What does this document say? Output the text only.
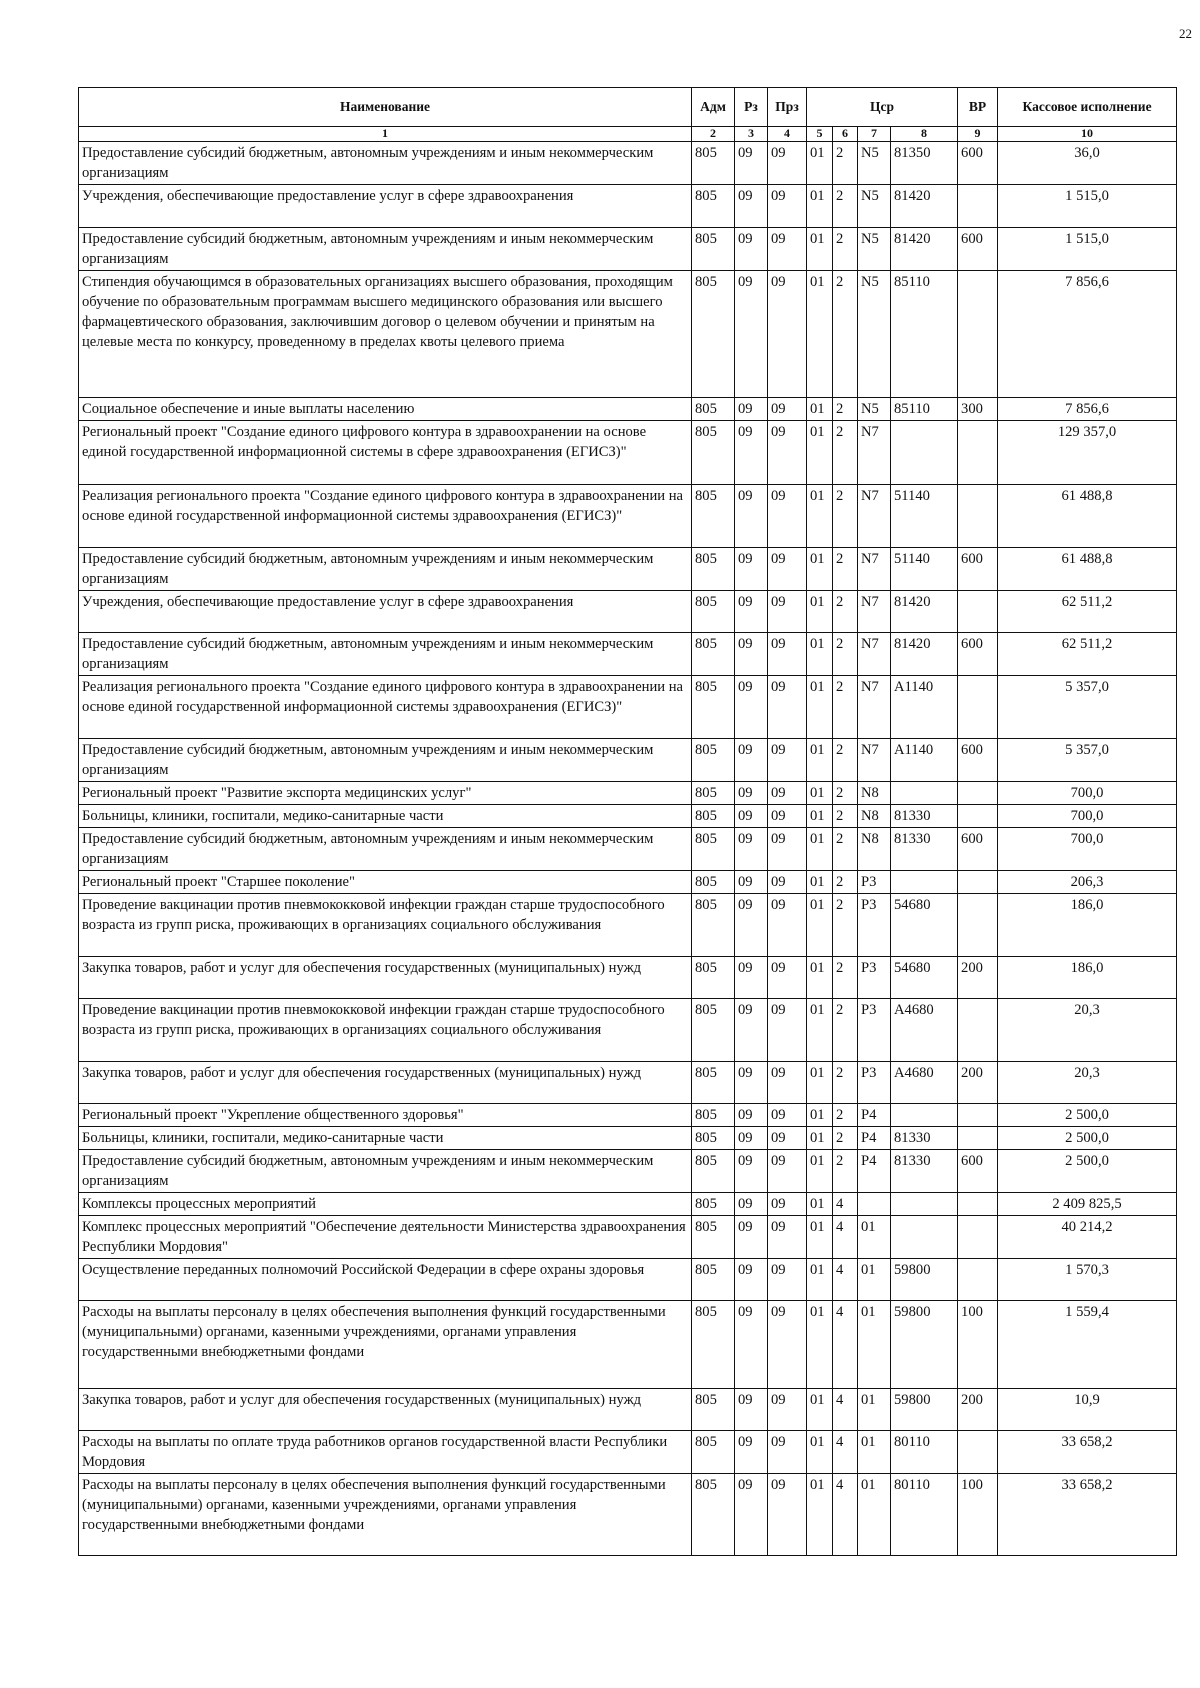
22
Наименование	Адм	Рз	Прз	Цср				ВР	Кассовое исполнение
1	2	3	4	5	6	7	8	9	10
Предоставление субсидий бюджетным, автономным учреждениям и иным некоммерческим организациям	805	09	09	01	2	N5	81350	600	36,0
Учреждения, обеспечивающие предоставление услуг в сфере здравоохранения	805	09	09	01	2	N5	81420		1 515,0
Предоставление субсидий бюджетным, автономным учреждениям и иным некоммерческим организациям	805	09	09	01	2	N5	81420	600	1 515,0
Стипендия обучающимся в образовательных организациях высшего образования, проходящим обучение по образовательным программам высшего медицинского образования или высшего фармацевтического образования, заключившим договор о целевом обучении и принятым на целевые места по конкурсу, проведенному в пределах квоты целевого приема	805	09	09	01	2	N5	85110		7 856,6
Социальное обеспечение и иные выплаты населению	805	09	09	01	2	N5	85110	300	7 856,6
Региональный проект "Создание единого цифрового контура в здравоохранении на основе единой государственной информационной системы в сфере здравоохранения (ЕГИСЗ)"	805	09	09	01	2	N7			129 357,0
Реализация регионального проекта "Создание единого цифрового контура в здравоохранении на основе единой государственной информационной системы здравоохранения (ЕГИСЗ)"	805	09	09	01	2	N7	51140		61 488,8
Предоставление субсидий бюджетным, автономным учреждениям и иным некоммерческим организациям	805	09	09	01	2	N7	51140	600	61 488,8
Учреждения, обеспечивающие предоставление услуг в сфере здравоохранения	805	09	09	01	2	N7	81420		62 511,2
Предоставление субсидий бюджетным, автономным учреждениям и иным некоммерческим организациям	805	09	09	01	2	N7	81420	600	62 511,2
Реализация регионального проекта "Создание единого цифрового контура в здравоохранении на основе единой государственной информационной системы здравоохранения (ЕГИСЗ)"	805	09	09	01	2	N7	A1140		5 357,0
Предоставление субсидий бюджетным, автономным учреждениям и иным некоммерческим организациям	805	09	09	01	2	N7	A1140	600	5 357,0
Региональный проект "Развитие экспорта медицинских услуг"	805	09	09	01	2	N8			700,0
Больницы, клиники, госпитали, медико-санитарные части	805	09	09	01	2	N8	81330		700,0
Предоставление субсидий бюджетным, автономным учреждениям и иным некоммерческим организациям	805	09	09	01	2	N8	81330	600	700,0
Региональный проект "Старшее поколение"	805	09	09	01	2	P3			206,3
Проведение вакцинации против пневмококковой инфекции граждан старше трудоспособного возраста из групп риска, проживающих в организациях социального обслуживания	805	09	09	01	2	P3	54680		186,0
Закупка товаров, работ и услуг для обеспечения государственных (муниципальных) нужд	805	09	09	01	2	P3	54680	200	186,0
Проведение вакцинации против пневмококковой инфекции граждан старше трудоспособного возраста из групп риска, проживающих в организациях социального обслуживания	805	09	09	01	2	P3	A4680		20,3
Закупка товаров, работ и услуг для обеспечения государственных (муниципальных) нужд	805	09	09	01	2	P3	A4680	200	20,3
Региональный проект "Укрепление общественного здоровья"	805	09	09	01	2	P4			2 500,0
Больницы, клиники, госпитали, медико-санитарные части	805	09	09	01	2	P4	81330		2 500,0
Предоставление субсидий бюджетным, автономным учреждениям и иным некоммерческим организациям	805	09	09	01	2	P4	81330	600	2 500,0
Комплексы процессных мероприятий	805	09	09	01	4				2 409 825,5
Комплекс процессных мероприятий "Обеспечение деятельности Министерства здравоохранения Республики Мордовия"	805	09	09	01	4	01			40 214,2
Осуществление переданных полномочий Российской Федерации в сфере охраны здоровья	805	09	09	01	4	01	59800		1 570,3
Расходы на выплаты персоналу в целях обеспечения выполнения функций государственными (муниципальными) органами, казенными учреждениями, органами управления государственными внебюджетными фондами	805	09	09	01	4	01	59800	100	1 559,4
Закупка товаров, работ и услуг для обеспечения государственных (муниципальных) нужд	805	09	09	01	4	01	59800	200	10,9
Расходы на выплаты по оплате труда работников органов государственной власти Республики Мордовия	805	09	09	01	4	01	80110		33 658,2
Расходы на выплаты персоналу в целях обеспечения выполнения функций государственными (муниципальными) органами, казенными учреждениями, органами управления государственными внебюджетными фондами	805	09	09	01	4	01	80110	100	33 658,2
